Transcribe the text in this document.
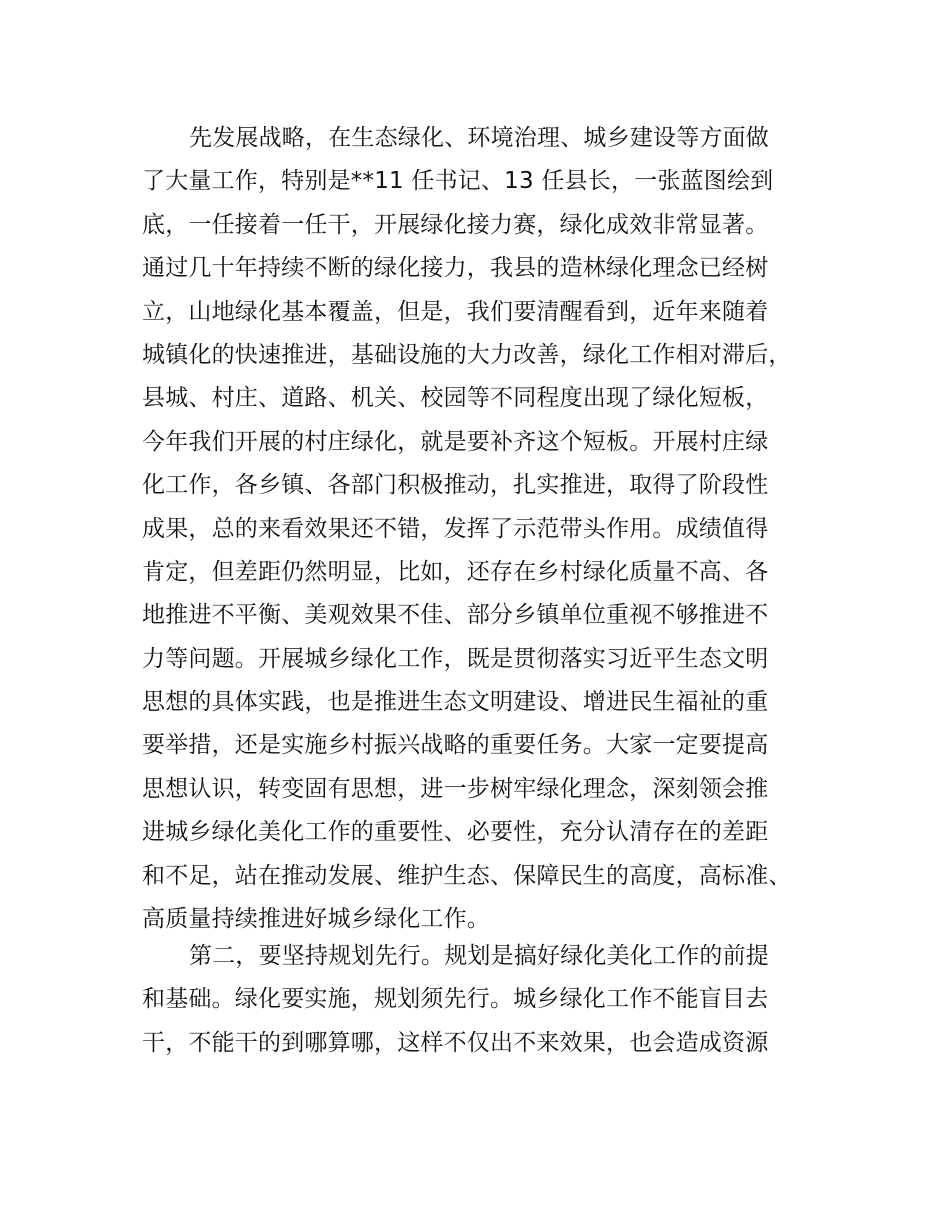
先发展战略，在生态绿化、环境治理、城乡建设等方面做
了大量工作，特别是**11 任书记、13 任县长，一张蓝图绘到
底，一任接着一任干，开展绿化接力赛，绿化成效非常显著。
通过几十年持续不断的绿化接力，我县的造林绿化理念已经树
立，山地绿化基本覆盖，但是，我们要清醒看到，近年来随着
城镇化的快速推进，基础设施的大力改善，绿化工作相对滞后，
县城、村庄、道路、机关、校园等不同程度出现了绿化短板，
今年我们开展的村庄绿化，就是要补齐这个短板。开展村庄绿
化工作，各乡镇、各部门积极推动，扎实推进，取得了阶段性
成果，总的来看效果还不错，发挥了示范带头作用。成绩值得
肯定，但差距仍然明显，比如，还存在乡村绿化质量不高、各
地推进不平衡、美观效果不佳、部分乡镇单位重视不够推进不
力等问题。开展城乡绿化工作，既是贯彻落实习近平生态文明
思想的具体实践，也是推进生态文明建设、增进民生福祉的重
要举措，还是实施乡村振兴战略的重要任务。大家一定要提高
思想认识，转变固有思想，进一步树牢绿化理念，深刻领会推
进城乡绿化美化工作的重要性、必要性，充分认清存在的差距
和不足，站在推动发展、维护生态、保障民生的高度，高标准、
高质量持续推进好城乡绿化工作。
第二，要坚持规划先行。规划是搞好绿化美化工作的前提
和基础。绿化要实施，规划须先行。城乡绿化工作不能盲目去
干，不能干的到哪算哪，这样不仅出不来效果，也会造成资源
